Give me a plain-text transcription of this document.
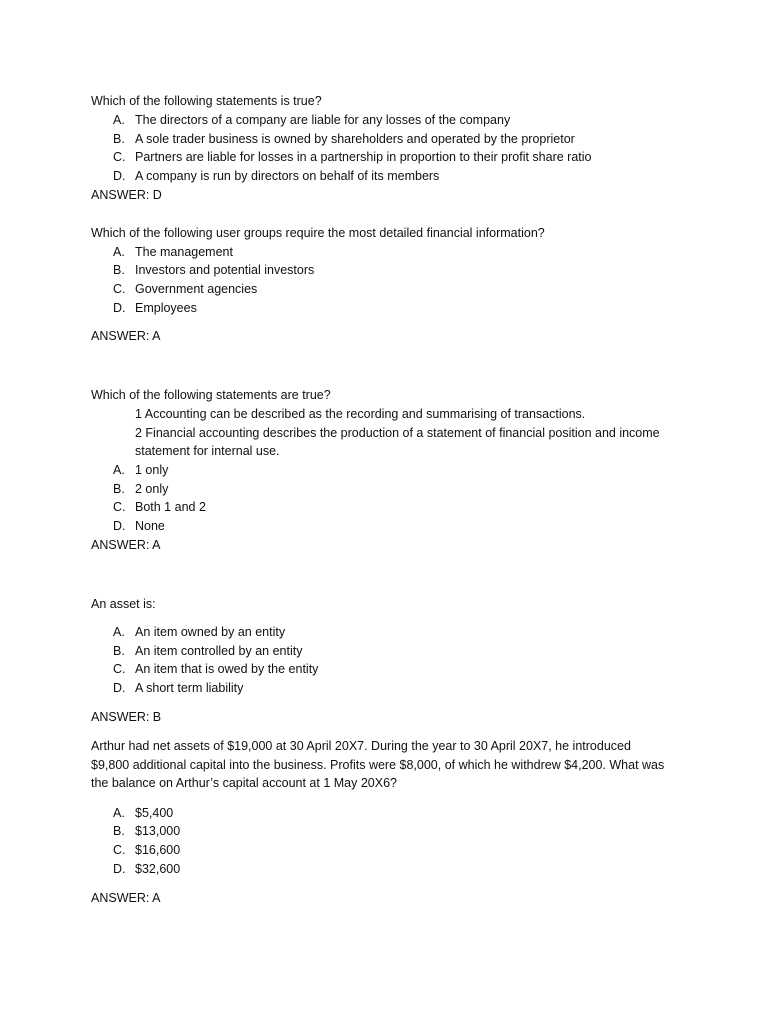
Which of the following statements is true?
A. The directors of a company are liable for any losses of the company
B. A sole trader business is owned by shareholders and operated by the proprietor
C. Partners are liable for losses in a partnership in proportion to their profit share ratio
D. A company is run by directors on behalf of its members
ANSWER: D
Which of the following user groups require the most detailed financial information?
A. The management
B. Investors and potential investors
C. Government agencies
D. Employees
ANSWER: A
Which of the following statements are true?
1 Accounting can be described as the recording and summarising of transactions.
2 Financial accounting describes the production of a statement of financial position and income
statement for internal use.
A. 1 only
B. 2 only
C. Both 1 and 2
D. None
ANSWER: A
An asset is:
A. An item owned by an entity
B. An item controlled by an entity
C. An item that is owed by the entity
D. A short term liability
ANSWER: B
Arthur had net assets of $19,000 at 30 April 20X7. During the year to 30 April 20X7, he introduced
$9,800 additional capital into the business. Profits were $8,000, of which he withdrew $4,200. What was
the balance on Arthur’s capital account at 1 May 20X6?
A. $5,400
B. $13,000
C. $16,600
D. $32,600
ANSWER: A
